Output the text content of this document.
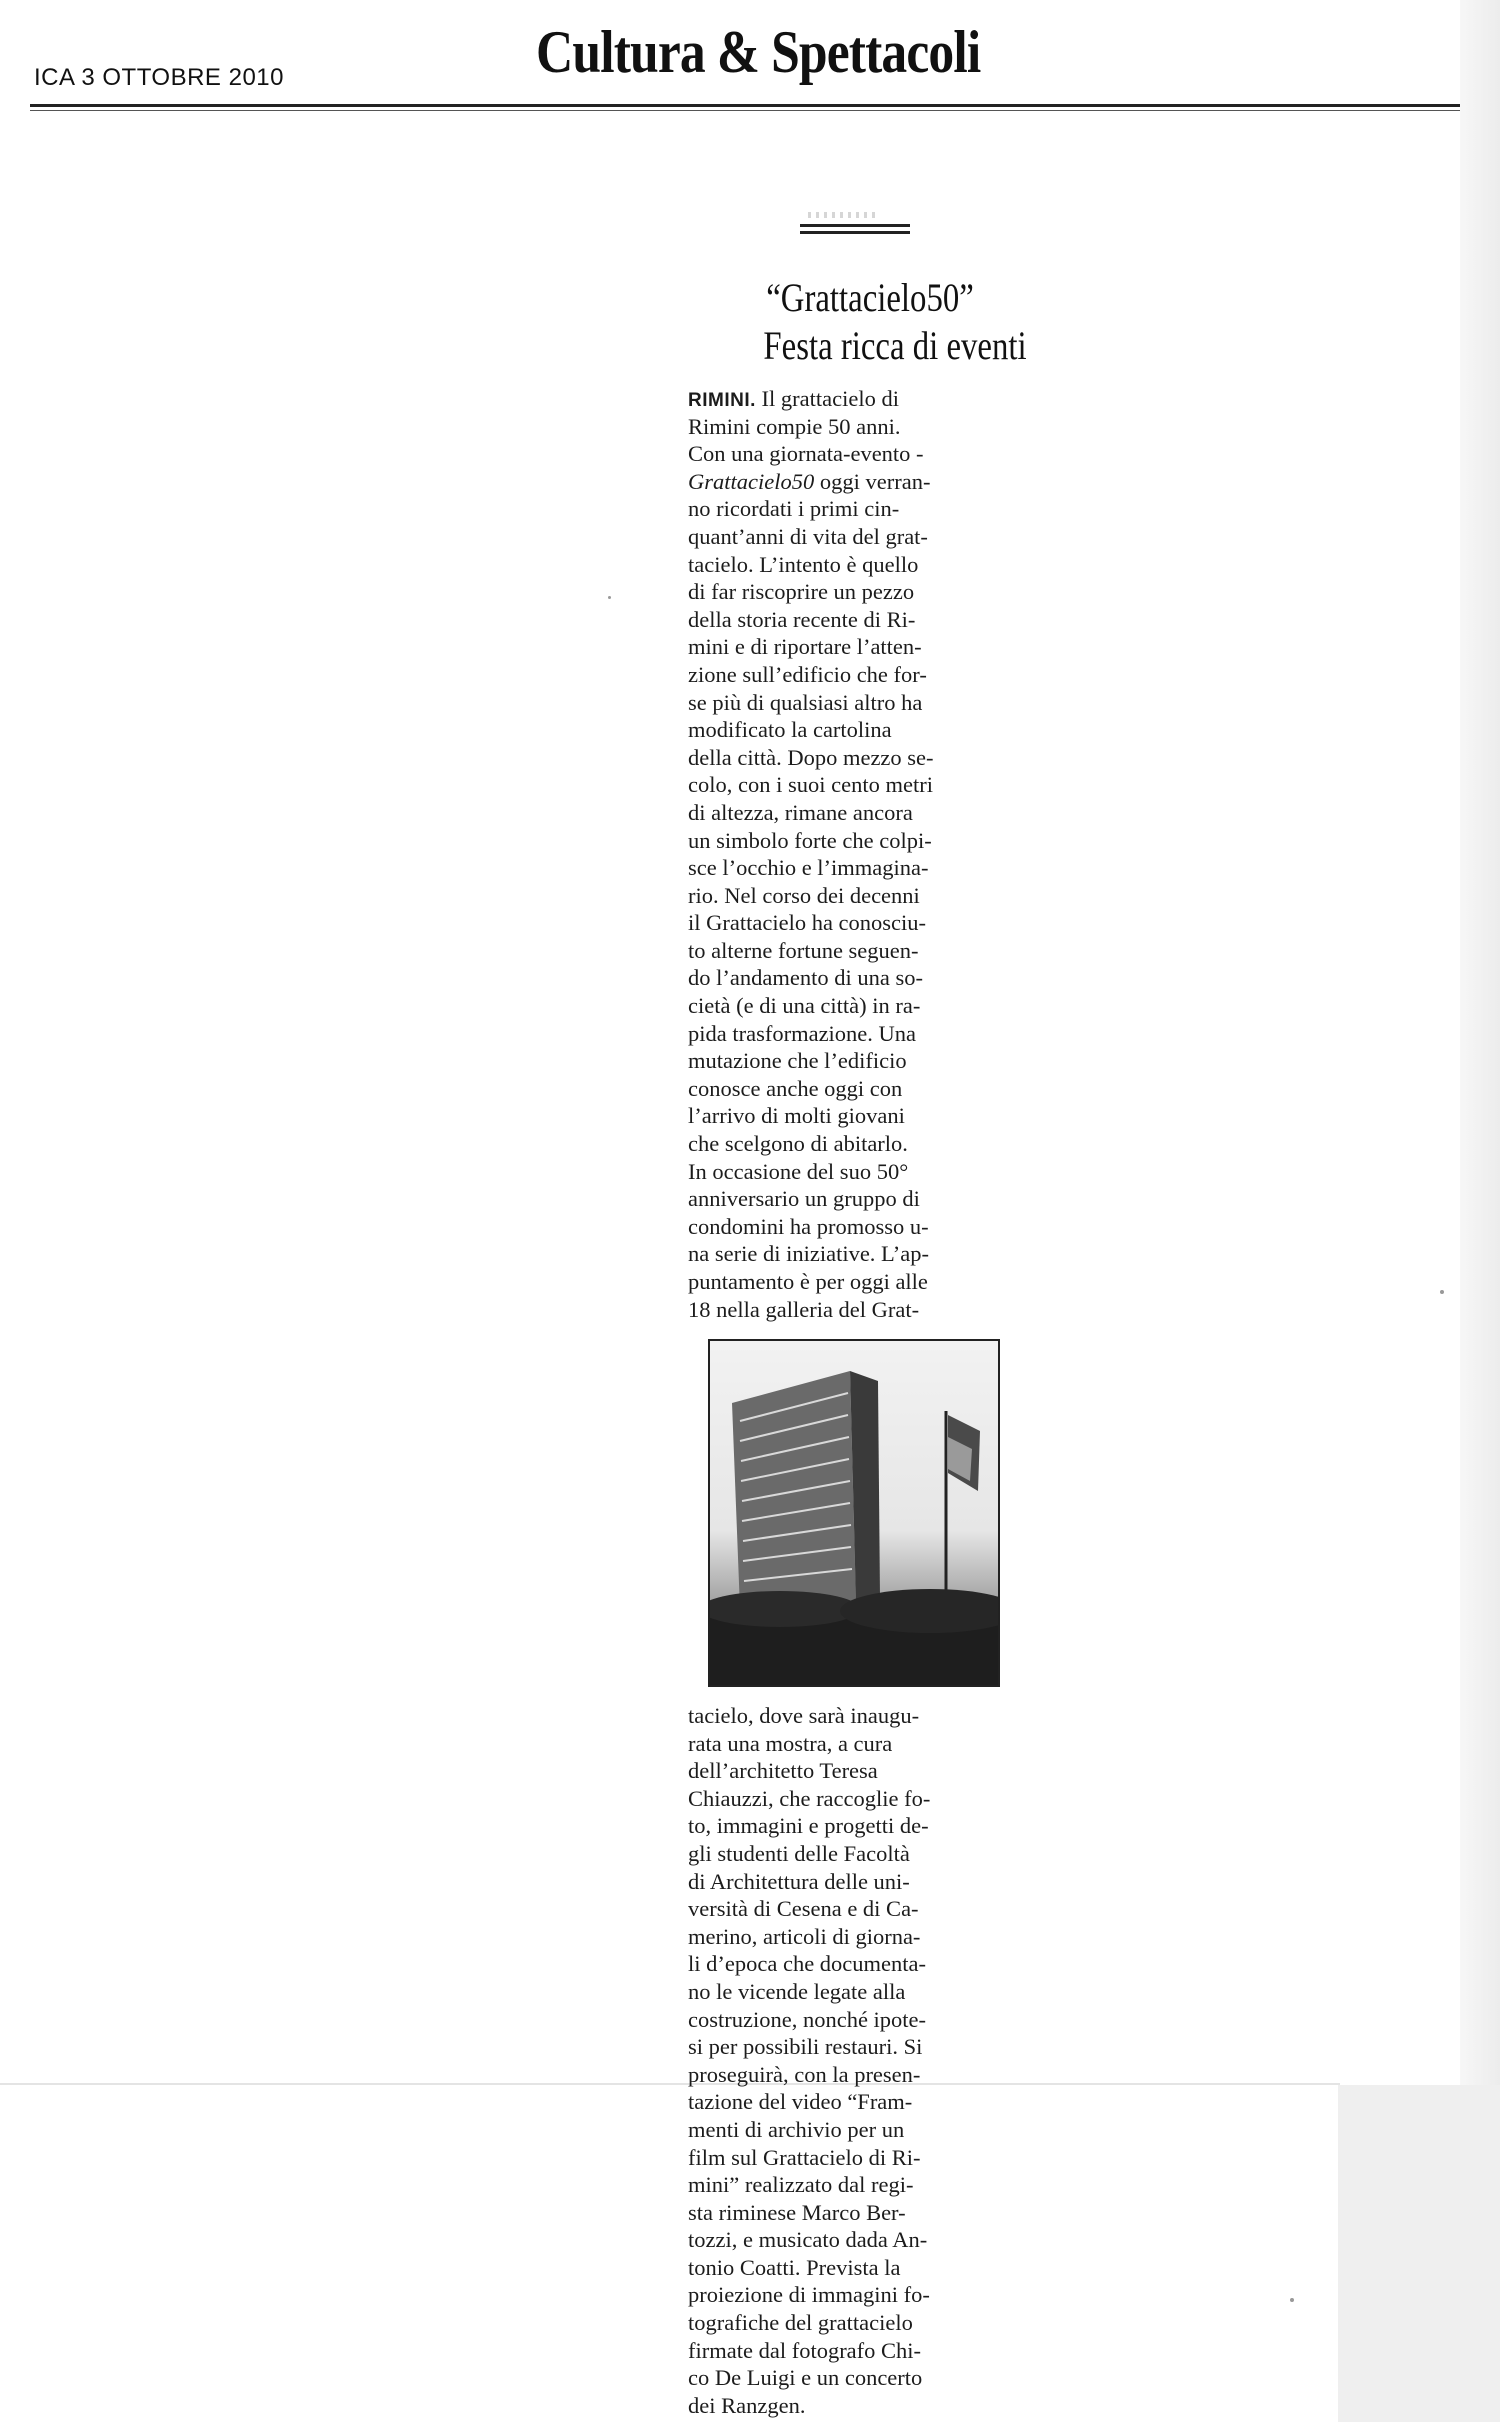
ICA 3 OTTOBRE 2010	Cultura & Spettacoli
“Grattacielo50”
Festa ricca di eventi
RIMINI. Il grattacielo di
Rimini compie 50 anni.
Con una giornata-evento -
Grattacielo50 oggi verran-
no ricordati i primi cin-
quant’anni di vita del grat-
tacielo. L’intento è quello
di far riscoprire un pezzo
della storia recente di Ri-
mini e di riportare l’atten-
zione sull’edificio che for-
se più di qualsiasi altro ha
modificato la cartolina
della città. Dopo mezzo se-
colo, con i suoi cento metri
di altezza, rimane ancora
un simbolo forte che colpi-
sce l’occhio e l’immagina-
rio. Nel corso dei decenni
il Grattacielo ha conosciu-
to alterne fortune seguen-
do l’andamento di una so-
cietà (e di una città) in ra-
pida trasformazione. Una
mutazione che l’edificio
conosce anche oggi con
l’arrivo di molti giovani
che scelgono di abitarlo.
In occasione del suo 50°
anniversario un gruppo di
condomini ha promosso u-
na serie di iniziative. L’ap-
puntamento è per oggi alle
18 nella galleria del Grat-
tacielo, dove sarà inaugu-
rata una mostra, a cura
dell’architetto Teresa
Chiauzzi, che raccoglie fo-
to, immagini e progetti de-
gli studenti delle Facoltà
di Architettura delle uni-
versità di Cesena e di Ca-
merino, articoli di giorna-
li d’epoca che documenta-
no le vicende legate alla
costruzione, nonché ipote-
si per possibili restauri. Si
proseguirà, con la presen-
tazione del video “Fram-
menti di archivio per un
film sul Grattacielo di Ri-
mini” realizzato dal regi-
sta riminese Marco Ber-
tozzi, e musicato dada An-
tonio Coatti. Prevista la
proiezione di immagini fo-
tografiche del grattacielo
firmate dal fotografo Chi-
co De Luigi e un concerto
dei Ranzgen.
